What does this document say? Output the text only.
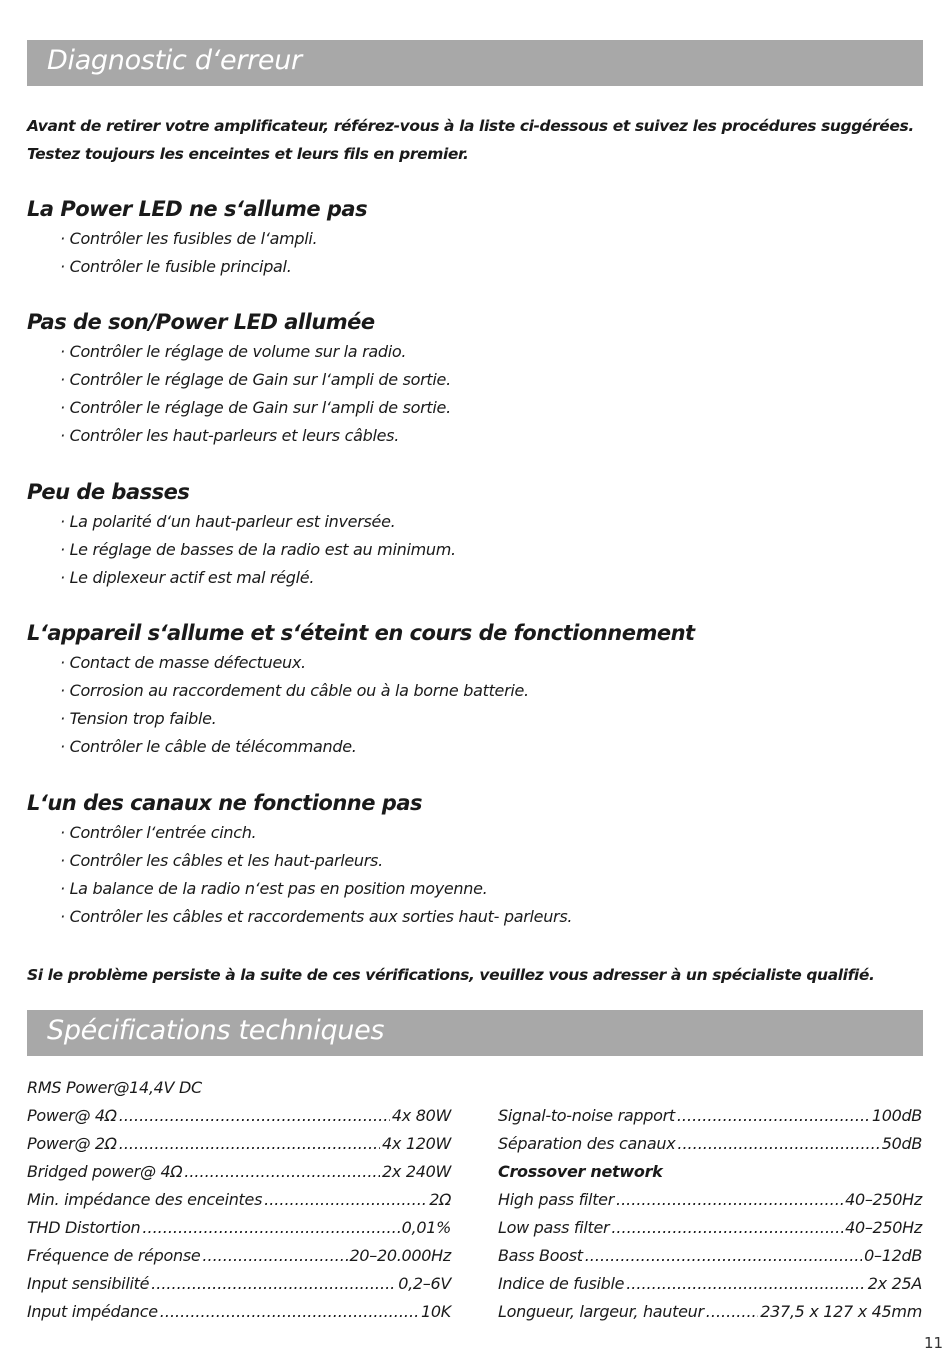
Diagnostic d‘erreur
Avant de retirer votre amplificateur, référez-vous à la liste ci-dessous et suivez les procédures suggérées.
Testez toujours les enceintes et leurs fils en premier.
La Power LED ne s‘allume pas
· Contrôler les fusibles de l‘ampli.
· Contrôler le fusible principal.
Pas de son/Power LED allumée
· Contrôler le réglage de volume sur la radio.
· Contrôler le réglage de Gain sur l‘ampli de sortie.
· Contrôler le réglage de Gain sur l‘ampli de sortie.
· Contrôler les haut-parleurs et leurs câbles.
Peu de basses
· La polarité d‘un haut-parleur est inversée.
· Le réglage de basses de la radio est au minimum.
· Le diplexeur actif est mal réglé.
L‘appareil s‘allume et s‘éteint en cours de fonctionnement
· Contact de masse défectueux.
· Corrosion au raccordement du câble ou à la borne batterie.
· Tension trop faible.
· Contrôler le câble de télécommande.
L‘un des canaux ne fonctionne pas
· Contrôler l‘entrée cinch.
· Contrôler les câbles et les haut-parleurs.
· La balance de la radio n‘est pas en position moyenne.
· Contrôler les câbles et raccordements aux sorties haut- parleurs.
Si le problème persiste à la suite de ces vérifications, veuillez vous adresser à un spécialiste qualifié.
Spécifications techniques
RMS Power@14,4V DC
Power@ 4Ω .....	4x 80W
Power@ 2Ω .....	4x 120W
Bridged power@ 4Ω .....	2x 240W
Min. impédance des enceintes .....	2Ω
THD Distortion .....	0,01%
Fréquence de réponse .....	20–20.000Hz
Input sensibilité .....	0,2–6V
Input impédance .....	10K
Signal-to-noise rapport .....	100dB
Séparation des canaux .....	50dB
Crossover network
High pass filter .....	40–250Hz
Low pass filter .....	40–250Hz
Bass Boost .....	0–12dB
Indice de fusible .....	2x 25A
Longueur, largeur, hauteur .....	237,5 x 127 x 45mm
11
